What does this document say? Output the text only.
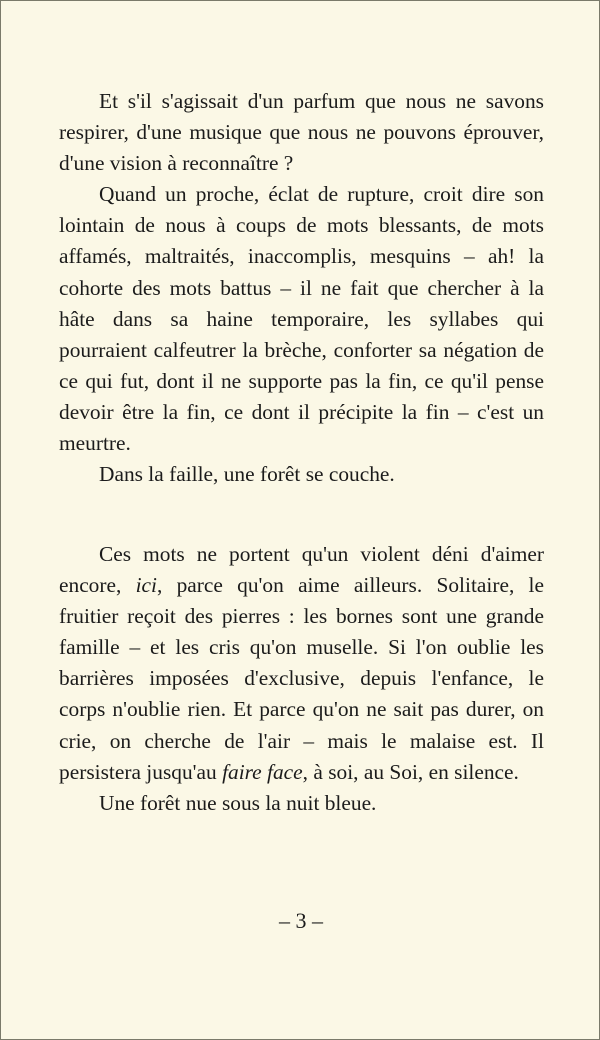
Et s'il s'agissait d'un parfum que nous ne savons respirer, d'une musique que nous ne pouvons éprouver, d'une vision à reconnaître ?

Quand un proche, éclat de rupture, croit dire son lointain de nous à coups de mots blessants, de mots affamés, maltraités, inaccomplis, mesquins – ah! la cohorte des mots battus – il ne fait que chercher à la hâte dans sa haine temporaire, les syllabes qui pourraient calfeutrer la brèche, conforter sa négation de ce qui fut, dont il ne supporte pas la fin, ce qu'il pense devoir être la fin, ce dont il précipite la fin – c'est un meurtre.

Dans la faille, une forêt se couche.

Ces mots ne portent qu'un violent déni d'aimer encore, ici, parce qu'on aime ailleurs. Solitaire, le fruitier reçoit des pierres : les bornes sont une grande famille – et les cris qu'on muselle. Si l'on oublie les barrières imposées d'exclusive, depuis l'enfance, le corps n'oublie rien. Et parce qu'on ne sait pas durer, on crie, on cherche de l'air – mais le malaise est. Il persistera jusqu'au faire face, à soi, au Soi, en silence.

Une forêt nue sous la nuit bleue.

– 3 –
